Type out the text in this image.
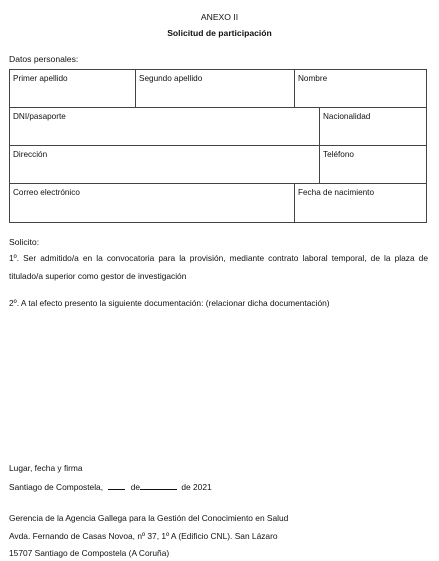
ANEXO II
Solicitud de participación
Datos personales:
Primer apellido	Segundo apellido	Nombre
DNI/pasaporte	Nacionalidad
Dirección	Teléfono
Correo electrónico	Fecha de nacimiento
Solicito:
1º. Ser admitido/a en la convocatoria para la provisión, mediante contrato laboral temporal, de la plaza de titulado/a superior como gestor de investigación
2º. A tal efecto presento la siguiente documentación: (relacionar dicha documentación)
Lugar, fecha y firma
Santiago de Compostela,	de	de 2021
Gerencia de la Agencia Gallega para la Gestión del Conocimiento en Salud
Avda. Fernando de Casas Novoa, nº 37, 1º A (Edificio CNL). San Lázaro
15707 Santiago de Compostela (A Coruña)
